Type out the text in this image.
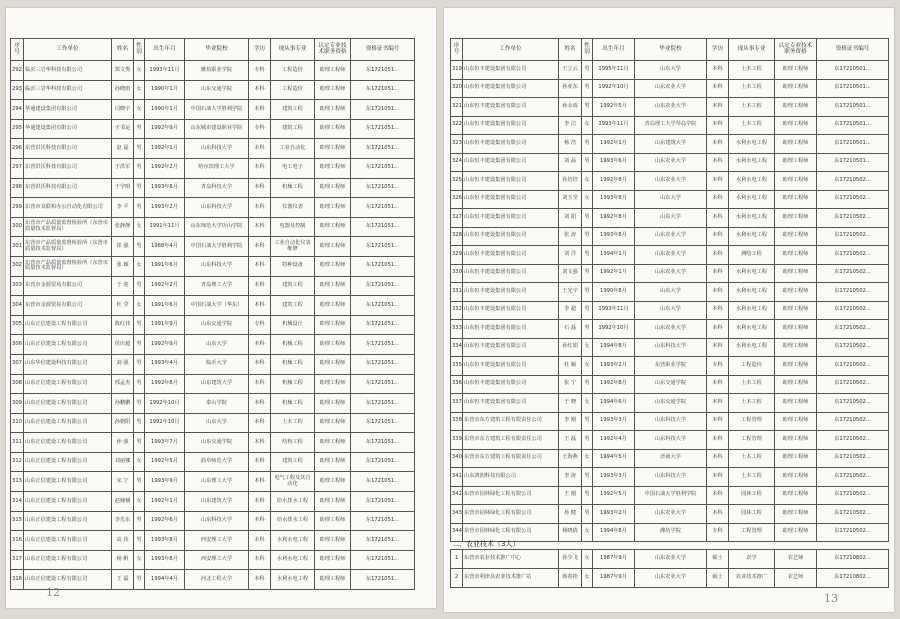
序号	工作单位	姓名	性别	出生年月	毕业院校	学历	现从事专业	认定专业技术职务资格	资格证书编号
292	临沂三岩华科技有限公司	郑文秀	女	1993年11月	潍坊职业学院	专科	工程造价	助理工程师	东1721051...
293	临沂三岩华科技有限公司	孙晓雨	女	1990年1月	山东交通学院	本科	工程造价	助理工程师	东1721051...
294	华通建设集团有限公司	闫晓宇	女	1990年1月	中国石油大学胜利学院	本科	建筑工程	助理工程师	东1721051...
295	华通建设集团有限公司	王书运	男	1992年9月	山东城市建设职业学院	专科	建筑工程	助理工程师	东1721051...
296	东营洪沃科技有限公司	赵 磊	男	1992年1月	山东科技大学	本科	工业自动化	助理工程师	东1721051...
297	东营洪沃科技有限公司	于洪军	男	1992年2月	哈尔滨理工大学	本科	电工电子	助理工程师	东1721051...
298	东营洪沃科技有限公司	于学明	男	1993年8月	青岛科技大学	本科	机械工程	助理工程师	东1721051...
299	东营市众联和办公自动化有限公司	李 平	男	1993年2月	山东科技大学	本科	仪器仪表	助理工程师	东1721051...
300	东营市产品质量监督检验所（东营市质量技术监督局）	张静静	女	1991年11月	山东师范大学历山学院	本科	电器及控制	助理工程师	东1721051...
301	东营市产品质量监督检验所（东营市质量技术监督局）	崔 强	男	1988年4月	中国石油大学胜利学院	本科	工业自动化仪表维修	助理工程师	东1721051...
302	东营市产品质量监督检验所（东营市质量技术监督局）	张 颖	女	1991年6月	山东科技大学	本科	特种设备	助理工程师	东1721051...
303	东营市金源贸易有限公司	于 迎	男	1992年2月	青岛理工大学	本科	建筑工程	助理工程师	东1721051...
304	东营市金源贸易有限公司	杜 莹	女	1991年6月	中国石油大学（华东）	本科	建筑工程	助理工程师	东1721051...
305	山东正信建设工程有限公司	陈红伟	男	1991年9月	山东交通学院	专科	机械设计	助理工程师	东1721051...
306	山东正信建设工程有限公司	侯庆超	男	1992年9月	山东大学	本科	机械工程	助理工程师	东1721051...
307	山东华信建设科技有限公司	刘 强	男	1993年4月	临沂大学	本科	机械工程	助理工程师	东1721051...
308	山东正信建设工程有限公司	邢孟杰	男	1992年8月	山东建筑大学	本科	机械工程	助理工程师	东1721051...
309	山东正信建设工程有限公司	孙鹏鹏	男	1992年10月	泰山学院	本科	机械工程	助理工程师	东1721051...
310	山东正信建设工程有限公司	孙朝阳	男	1992年10月	山东大学	本科	土木工程	助理工程师	东1721051...
311	山东正信建设工程有限公司	孙 强	男	1993年7月	山东交通学院	本科	结构工程	助理工程师	东1721051...
312	山东正信建设工程有限公司	刘丽娜	女	1992年5月	曲阜师范大学	本科	建筑工程	助理工程师	东1721051...
313	山东正信建设工程有限公司	宋 宁	男	1993年9月	山东理工大学	本科	电气工程及其自动化	助理工程师	东1721051...
314	山东正信建设工程有限公司	赵楠楠	女	1992年1月	山东建筑大学	本科	给水排水工程	助理工程师	东1721051...
315	山东正信建设工程有限公司	李先东	男	1992年6月	山东科技大学	本科	给水排水工程	助理工程师	东1721051...
316	山东正信建设工程有限公司	高 伟	男	1993年8月	西安理工大学	本科	水利水电工程	助理工程师	东1721051...
317	山东正信建设工程有限公司	杨 帆	女	1993年8月	西安理工大学	本科	水利水电工程	助理工程师	东1721051...
318	山东正信建设工程有限公司	王 磊	男	1994年4月	河北工程大学	本科	水利水电工程	助理工程师	东1721051...
12
序号	工作单位	姓名	性别	出生年月	毕业院校	学历	现从事专业	认定专业技术职务资格	资格证书编号
319	山东恒丰建设集团有限公司	王立云	男	1995年11月	山东大学	本科	土木工程	助理工程师	东17210501...
320	山东恒丰建设集团有限公司	孙亚东	男	1992年10月	山东农业大学	本科	土木工程	助理工程师	东17210501...
321	山东恒丰建设集团有限公司	孙永成	男	1992年5月	山东农业大学	本科	土木工程	助理工程师	东17210501...
322	山东恒丰建设集团有限公司	李 洁	女	1993年11月	青岛理工大学琴岛学院	本科	土木工程	助理工程师	东17210501...
323	山东恒丰建设集团有限公司	杨 浩	男	1992年1月	山东建筑大学	本科	水利水电工程	助理工程师	东17210501...
324	山东恒丰建设集团有限公司	刘 磊	男	1993年6月	山东农业大学	本科	水利水电工程	助理工程师	东17210501...
325	山东恒丰建设集团有限公司	孙培培	女	1992年8月	山东农业大学	本科	水利水电工程	助理工程师	东17210502...
326	山东恒丰建设集团有限公司	刘玉莹	女	1993年8月	山东大学	本科	水利水电工程	助理工程师	东17210502...
327	山东恒丰建设集团有限公司	刘 阳	男	1992年8月	山东大学	本科	水利水电工程	助理工程师	东17210502...
328	山东恒丰建设集团有限公司	张 涛	男	1993年8月	山东农业大学	本科	水利水电工程	助理工程师	东17210502...
329	山东恒丰建设集团有限公司	刘 洋	男	1994年1月	山东农业大学	本科	测绘工程	助理工程师	东17210502...
330	山东恒丰建设集团有限公司	刘文强	男	1992年1月	山东农业大学	本科	水利水电工程	助理工程师	东17210502...
331	山东恒丰建设集团有限公司	王光宇	男	1990年8月	山东大学	本科	水利水电工程	助理工程师	东17210502...
332	山东恒丰建设集团有限公司	李 超	男	1993年11月	山东大学	本科	水利水电工程	助理工程师	东17210502...
333	山东恒丰建设集团有限公司	石 磊	男	1992年10月	山东农业大学	本科	水利水电工程	助理工程师	东17210502...
334	山东恒丰建设集团有限公司	孙红娟	女	1994年8月	山东科技大学	本科	水利水电工程	助理工程师	东17210502...
335	山东恒丰建设集团有限公司	杜 颖	女	1993年2月	东营职业学院	专科	工程造价	助理工程师	东17210502...
336	山东恒丰建设集团有限公司	张 宁	男	1992年8月	山东交通学院	本科	土木工程	助理工程师	东17210502...
337	山东恒丰建设集团有限公司	于 晓	女	1994年6月	山东交通学院	本科	土木工程	助理工程师	东17210502...
338	东营市东方建筑工程有限责任公司	李 刚	男	1993年3月	山东科技大学	本科	工程管理	助理工程师	东17210502...
339	东营市东方建筑工程有限责任公司	王 磊	男	1992年4月	山东科技大学	本科	工程管理	助理工程师	东17210502...
340	东营市东方建筑工程有限责任公司	王海燕	女	1994年5月	济南大学	本科	土木工程	助理工程师	东17210502...
341	山东鸿润科技有限公司	李 涛	男	1993年3月	山东科技大学	本科	土木工程	助理工程师	东17210502...
342	东营市园林绿化工程有限公司	王 刚	男	1992年5月	中国石油大学胜利学院	本科	园林工程	助理工程师	东17210502...
343	东营市园林绿化工程有限公司	孙 健	男	1993年2月	山东农业大学	本科	园林工程	助理工程师	东17210502...
344	东营市园林绿化工程有限公司	杨晓倩	女	1994年8月	潍坊学院	专科	工程管理	助理工程师	东17210502...
二、农业技术（3人）
1	东营市农业技术推广中心	孙少飞	女	1987年9月	山东农业大学	硕士	农学	农艺师	东17210802...
2	东营市利津县农业技术推广站	韩春艳	女	1987年9月	山东农业大学	硕士	农业技术推广	农艺师	东17210802...
13
